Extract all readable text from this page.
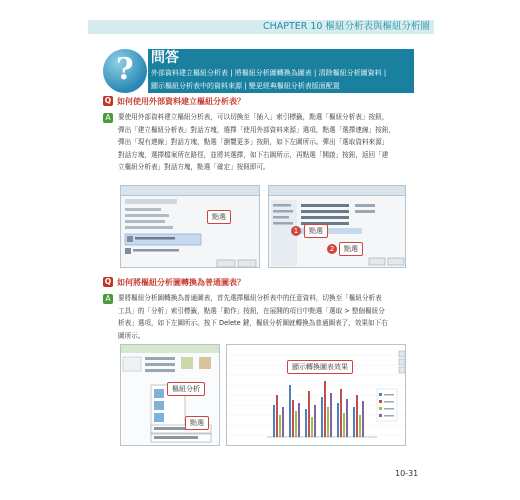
CHAPTER 10 樞紐分析表與樞紐分析圖
? 問答
外部資料建立樞紐分析表 | 將樞紐分析圖轉換為圖表 | 清除樞紐分析圖資料 |
顯示樞紐分析表中的資料來源 | 變更經典樞紐分析表版面配置
Q 如何使用外部資料建立樞紐分析表？
A	要使用外部資料建立樞紐分析表，可以切換至「插入」索引標籤，點選「樞紐分析表」按鈕，
彈出「建立樞紐分析表」對話方塊，選擇「使用外部資料來源」選項，點選「選擇連線」按鈕，
彈出「現有連線」對話方塊，點選「瀏覽更多」按鈕，如下左圖所示。彈出「選取資料來源」
對話方塊，選擇檔案所在路徑，並將其選擇，如下右圖所示，再點選「開啟」按鈕，返回「建
立樞紐分析表」對話方塊，點選「確定」按鈕即可。
點選
1	點選
2	點選
Q 如何將樞紐分析圖轉換為普通圖表？
A	要將樞紐分析圖轉換為普通圖表，首先選擇樞紐分析表中的任意資料，切換至「樞紐分析表
工具」的「分析」索引標籤，點選「動作」按鈕，在展開的項目中點選「選取 > 整個樞紐分
析表」選項，如下左圖所示。按下 Delete 鍵，樞紐分析圖就轉換為普通圖表了，效果如下右
圖所示。
樞紐分析
點選
顯示轉換圖表效果
10-31
